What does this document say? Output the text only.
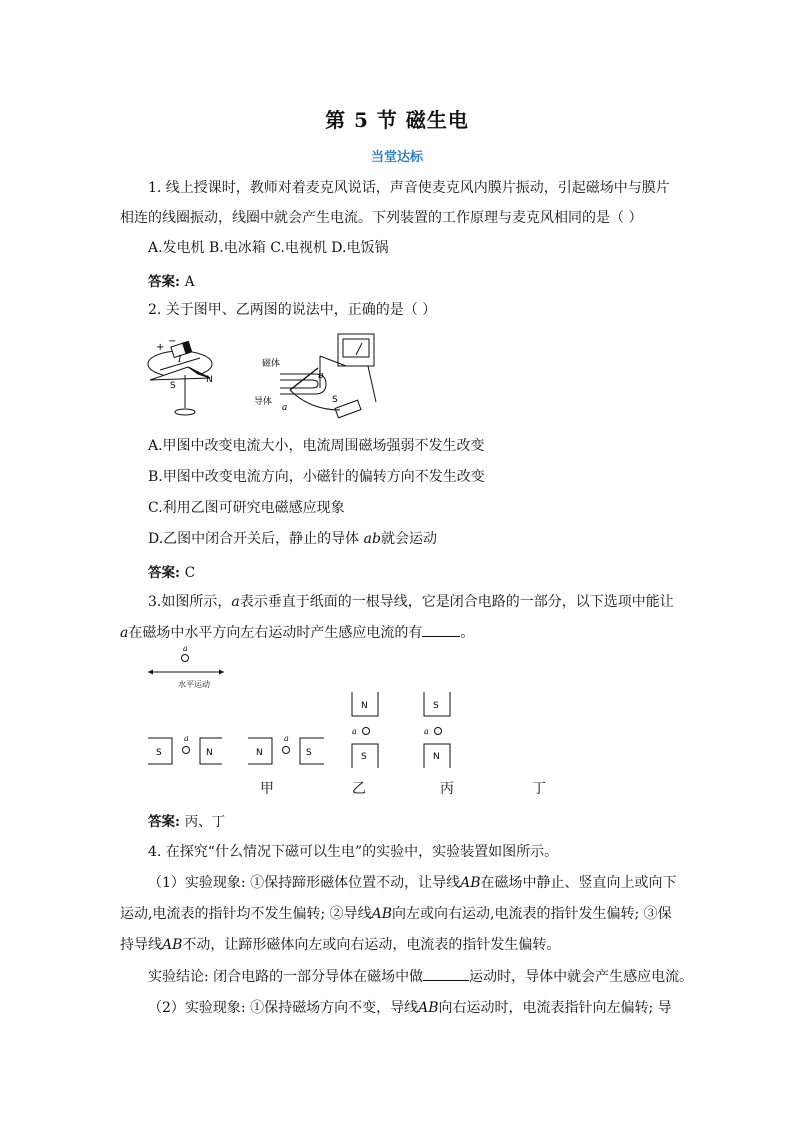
第 5 节 磁生电
当堂达标
1. 线上授课时，教师对着麦克风说话，声音使麦克风内膜片振动，引起磁场中与膜片
相连的线圈振动，线圈中就会产生电流。下列装置的工作原理与麦克风相同的是（ ）
A.发电机 B.电冰箱 C.电视机 D.电饭锅
答案: A
2. 关于图甲、乙两图的说法中，正确的是（ ）
+
−
I
S
N
磁体
b
导体
a
S
A.甲图中改变电流大小，电流周围磁场强弱不发生改变
B.甲图中改变电流方向，小磁针的偏转方向不发生改变
C.利用乙图可研究电磁感应现象
D.乙图中闭合开关后，静止的导体 ab就会运动
答案: C
3.如图所示，a表示垂直于纸面的一根导线，它是闭合电路的一部分，以下选项中能让
a在磁场中水平方向左右运动时产生感应电流的有	。
a
水平运动
S	N
a
N	S
a
N
S
a
S
N
a
甲	乙	丙	丁
答案: 丙、丁
4. 在探究“什么情况下磁可以生电”的实验中，实验装置如图所示。
（1）实验现象: ①保持蹄形磁体位置不动，让导线AB在磁场中静止、竖直向上或向下
运动,电流表的指针均不发生偏转; ②导线AB向左或向右运动,电流表的指针发生偏转; ③保
持导线AB不动，让蹄形磁体向左或向右运动，电流表的指针发生偏转。
实验结论: 闭合电路的一部分导体在磁场中做	运动时，导体中就会产生感应电流。
（2）实验现象: ①保持磁场方向不变，导线AB向右运动时，电流表指针向左偏转; 导
